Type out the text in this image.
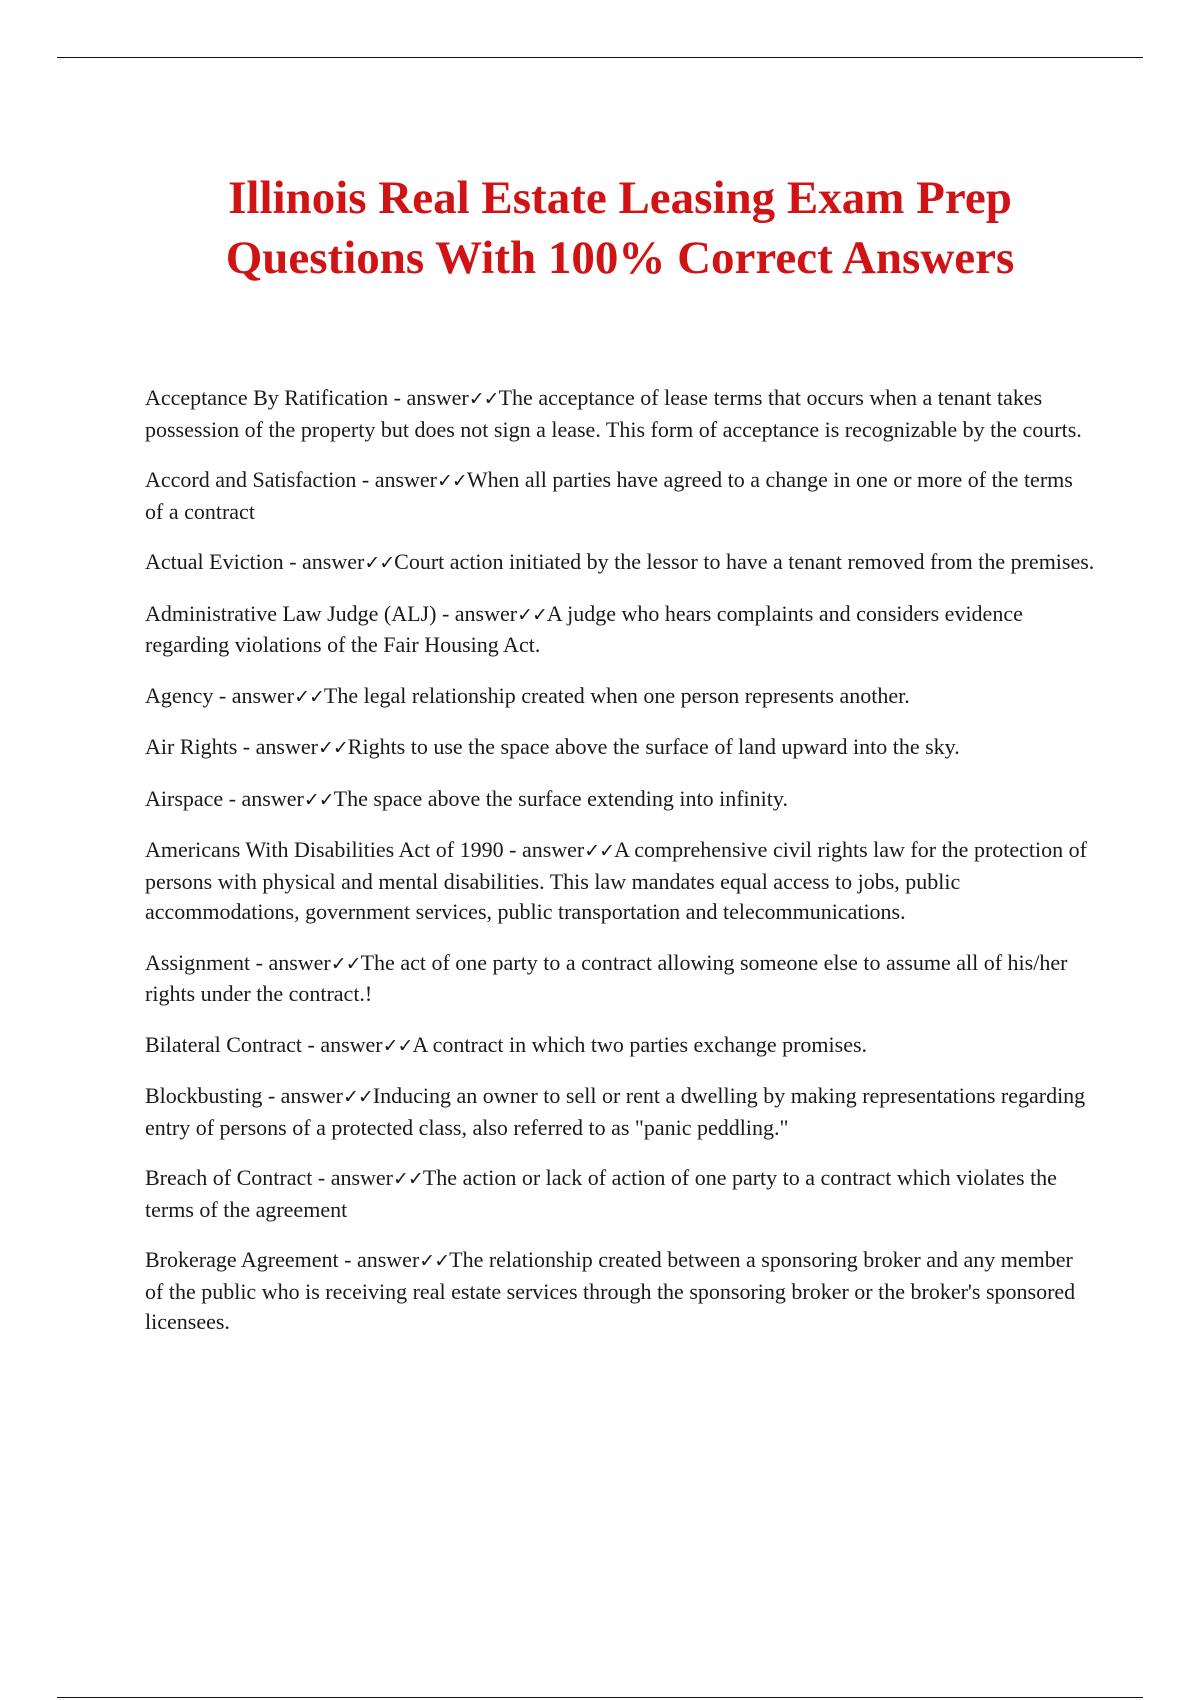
Illinois Real Estate Leasing Exam Prep
Questions With 100% Correct Answers

Acceptance By Ratification - answer✓✓The acceptance of lease terms that occurs when a tenant takes possession of the property but does not sign a lease. This form of acceptance is recognizable by the courts.

Accord and Satisfaction - answer✓✓When all parties have agreed to a change in one or more of the terms of a contract

Actual Eviction - answer✓✓Court action initiated by the lessor to have a tenant removed from the premises.

Administrative Law Judge (ALJ) - answer✓✓A judge who hears complaints and considers evidence regarding violations of the Fair Housing Act.

Agency - answer✓✓The legal relationship created when one person represents another.

Air Rights - answer✓✓Rights to use the space above the surface of land upward into the sky.

Airspace - answer✓✓The space above the surface extending into infinity.

Americans With Disabilities Act of 1990 - answer✓✓A comprehensive civil rights law for the protection of persons with physical and mental disabilities. This law mandates equal access to jobs, public accommodations, government services, public transportation and telecommunications.

Assignment - answer✓✓The act of one party to a contract allowing someone else to assume all of his/her rights under the contract.!

Bilateral Contract - answer✓✓A contract in which two parties exchange promises.

Blockbusting - answer✓✓Inducing an owner to sell or rent a dwelling by making representations regarding entry of persons of a protected class, also referred to as "panic peddling."

Breach of Contract - answer✓✓The action or lack of action of one party to a contract which violates the terms of the agreement

Brokerage Agreement - answer✓✓The relationship created between a sponsoring broker and any member of the public who is receiving real estate services through the sponsoring broker or the broker's sponsored licensees.
